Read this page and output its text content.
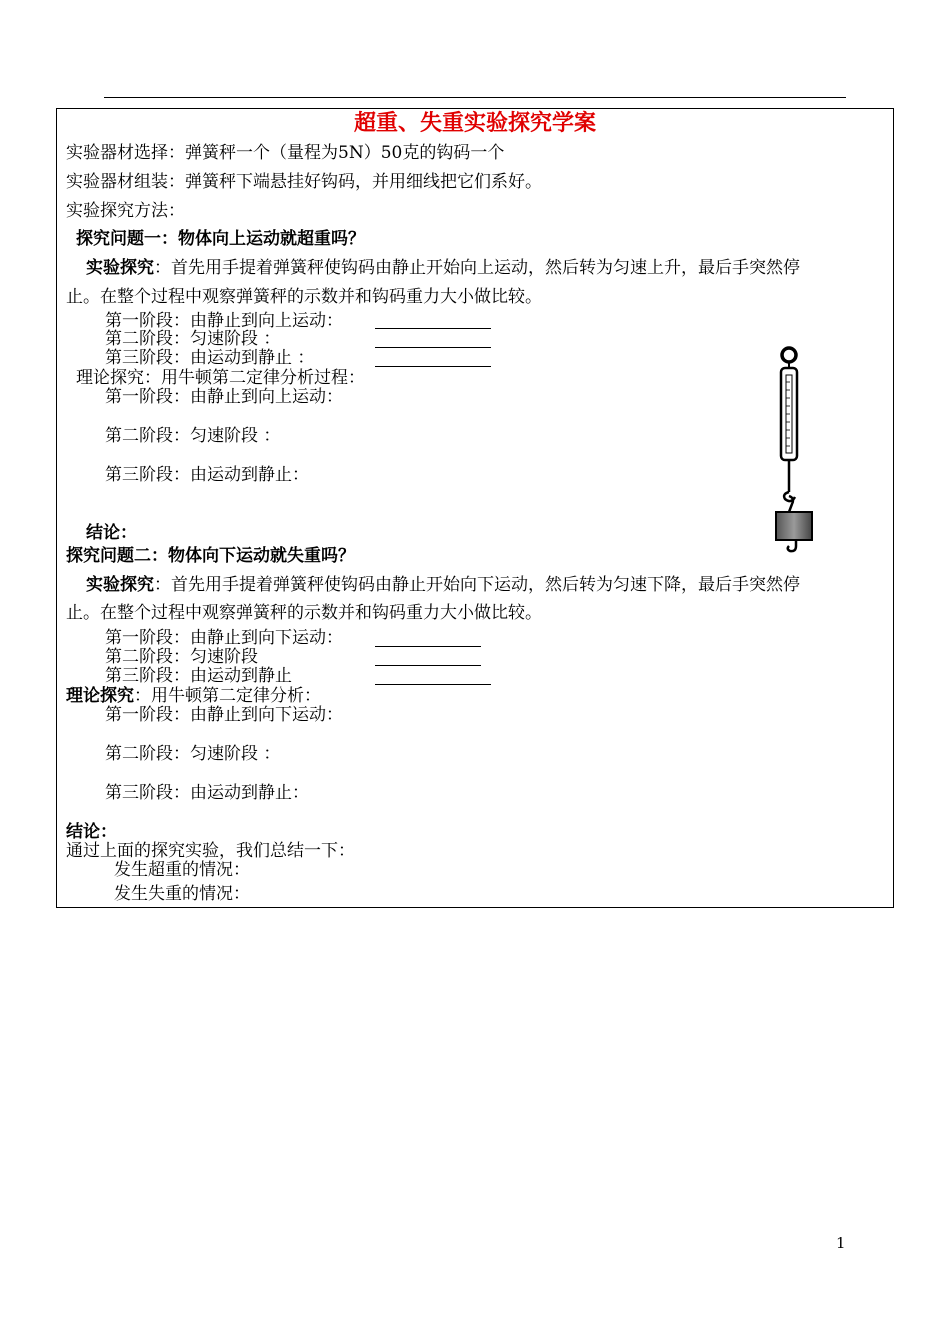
超重、失重实验探究学案
实验器材选择：弹簧秤一个（量程为5N）50克的钩码一个
实验器材组装：弹簧秤下端悬挂好钩码，并用细线把它们系好。
实验探究方法：
探究问题一：物体向上运动就超重吗？
实验探究：首先用手提着弹簧秤使钩码由静止开始向上运动，然后转为匀速上升，最后手突然停
止。在整个过程中观察弹簧秤的示数并和钩码重力大小做比较。
第一阶段：由静止到向上运动：
第二阶段：匀速阶段 ：
第三阶段：由运动到静止 ：
理论探究：用牛顿第二定律分析过程：
第一阶段：由静止到向上运动：
第二阶段：匀速阶段 ：
第三阶段：由运动到静止：
结论：
探究问题二：物体向下运动就失重吗？
实验探究：首先用手提着弹簧秤使钩码由静止开始向下运动，然后转为匀速下降，最后手突然停
止。在整个过程中观察弹簧秤的示数并和钩码重力大小做比较。
第一阶段：由静止到向下运动：
第二阶段：匀速阶段
第三阶段：由运动到静止
理论探究：用牛顿第二定律分析：
第一阶段：由静止到向下运动：
第二阶段：匀速阶段 ：
第三阶段：由运动到静止：
结论：
通过上面的探究实验，我们总结一下：
发生超重的情况：
发生失重的情况：
1
